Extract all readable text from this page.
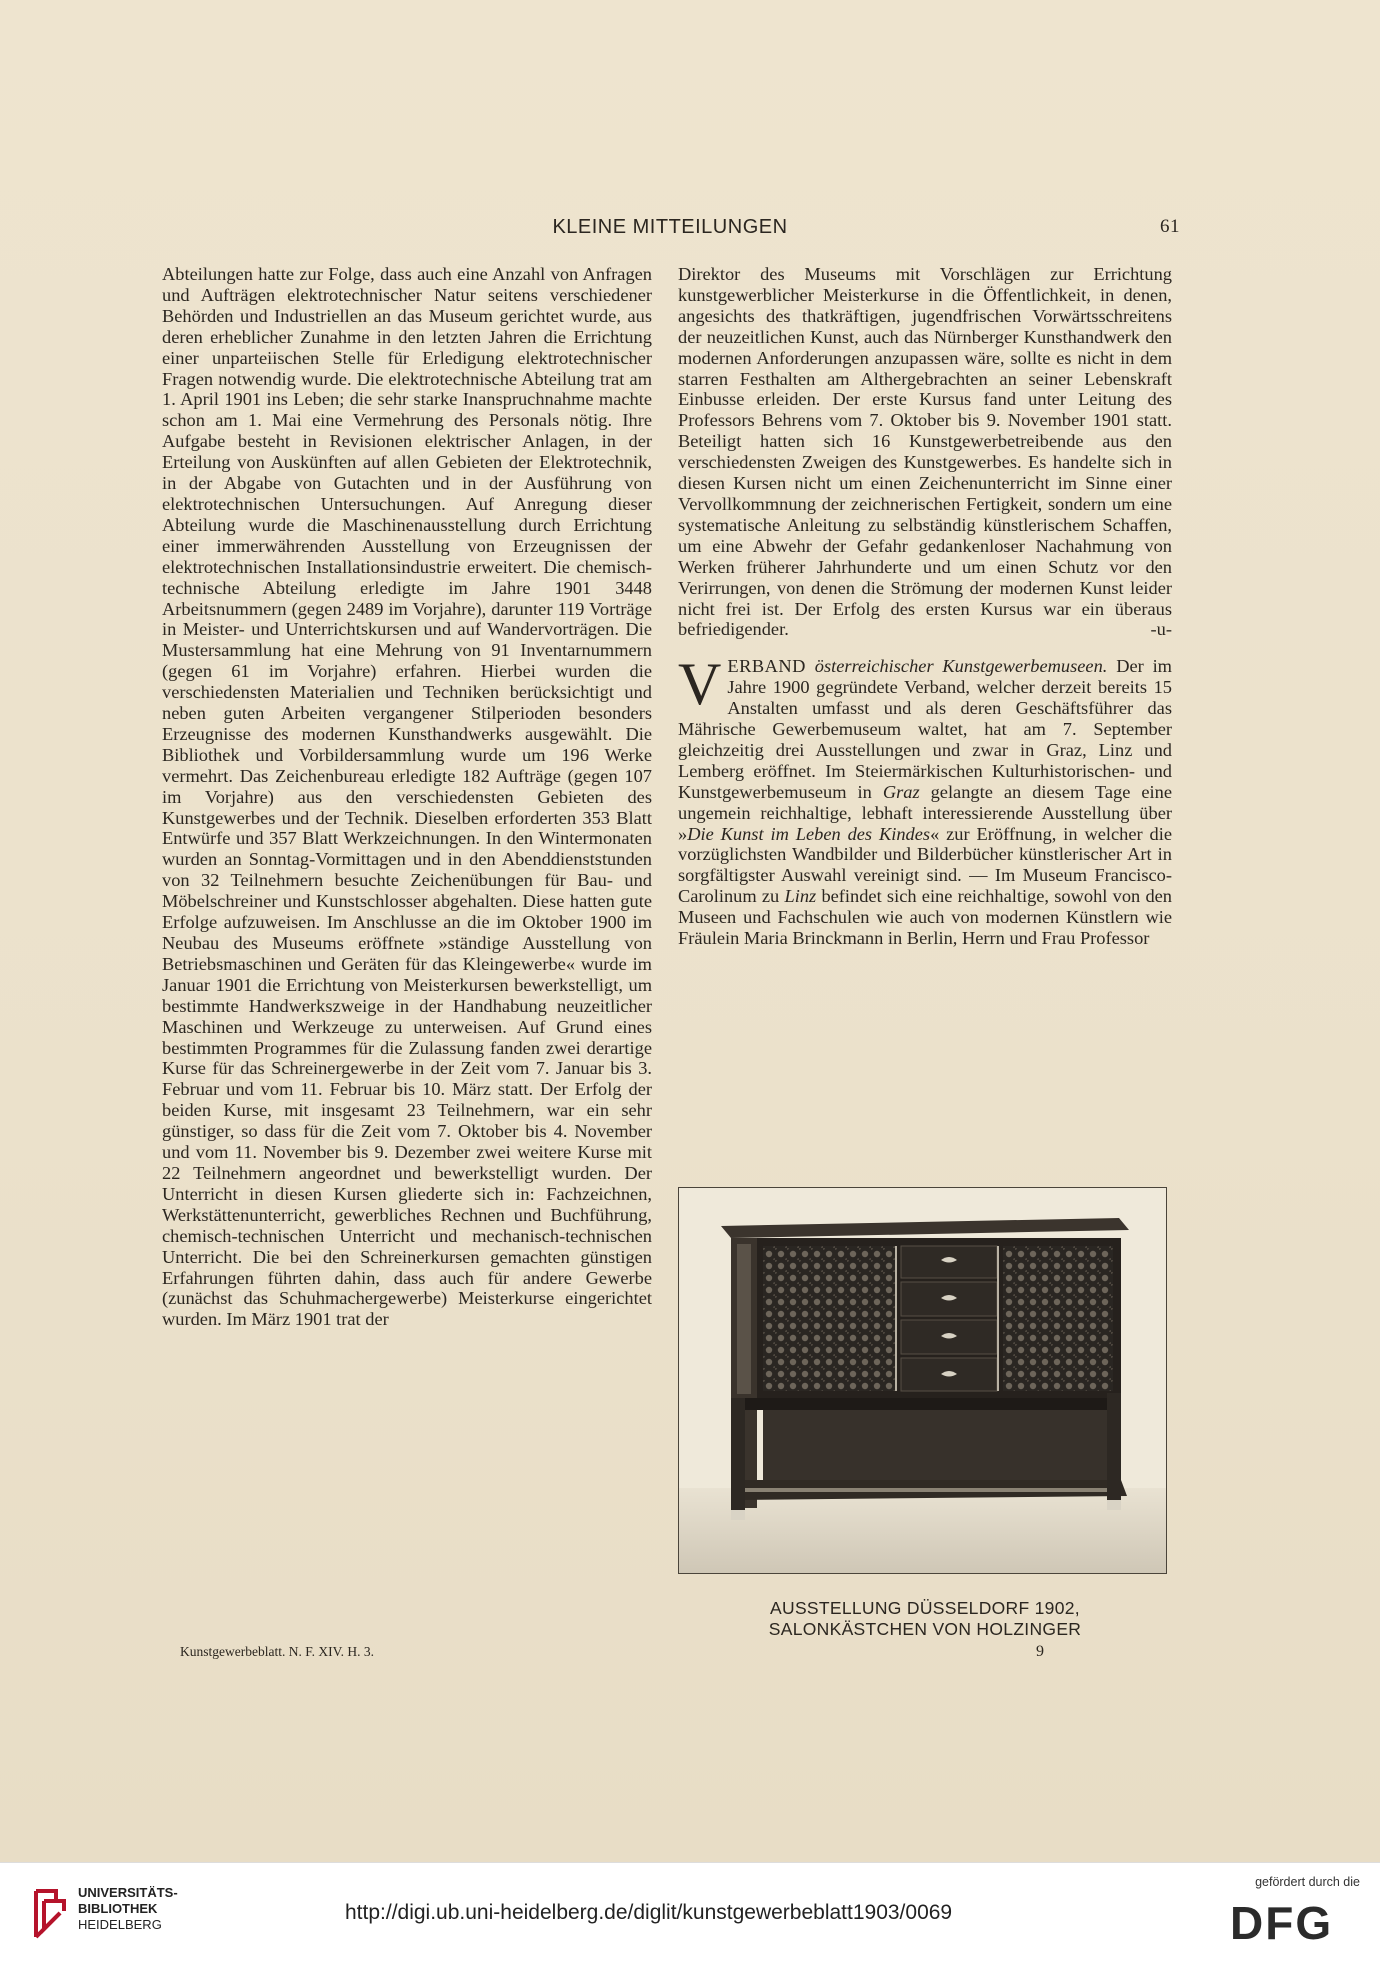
KLEINE MITTEILUNGEN	61

Abteilungen hatte zur Folge, dass auch eine Anzahl von Anfragen und Aufträgen elektrotechnischer Natur seitens verschiedener Behörden und Industriellen an das Museum gerichtet wurde, aus deren erheblicher Zunahme in den letzten Jahren die Errichtung einer unparteiischen Stelle für Erledigung elektrotechnischer Fragen notwendig wurde. Die elektrotechnische Abteilung trat am 1. April 1901 ins Leben; die sehr starke Inanspruchnahme machte schon am 1. Mai eine Vermehrung des Personals nötig. Ihre Aufgabe besteht in Revisionen elektrischer Anlagen, in der Erteilung von Auskünften auf allen Gebieten der Elektrotechnik, in der Abgabe von Gutachten und in der Ausführung von elektrotechnischen Untersuchungen. Auf Anregung dieser Abteilung wurde die Maschinenausstellung durch Errichtung einer immerwährenden Ausstellung von Erzeugnissen der elektrotechnischen Installationsindustrie erweitert. Die chemisch-technische Abteilung erledigte im Jahre 1901 3448 Arbeitsnummern (gegen 2489 im Vorjahre), darunter 119 Vorträge in Meister- und Unterrichtskursen und auf Wandervorträgen. Die Mustersammlung hat eine Mehrung von 91 Inventarnummern (gegen 61 im Vorjahre) erfahren. Hierbei wurden die verschiedensten Materialien und Techniken berücksichtigt und neben guten Arbeiten vergangener Stilperioden besonders Erzeugnisse des modernen Kunsthandwerks ausgewählt. Die Bibliothek und Vorbildersammlung wurde um 196 Werke vermehrt. Das Zeichenbureau erledigte 182 Aufträge (gegen 107 im Vorjahre) aus den verschiedensten Gebieten des Kunstgewerbes und der Technik. Dieselben erforderten 353 Blatt Entwürfe und 357 Blatt Werkzeichnungen. In den Wintermonaten wurden an Sonntag-Vormittagen und in den Abenddienststunden von 32 Teilnehmern besuchte Zeichenübungen für Bau- und Möbelschreiner und Kunstschlosser abgehalten. Diese hatten gute Erfolge aufzuweisen. Im Anschlusse an die im Oktober 1900 im Neubau des Museums eröffnete »ständige Ausstellung von Betriebsmaschinen und Geräten für das Kleingewerbe« wurde im Januar 1901 die Errichtung von Meisterkursen bewerkstelligt, um bestimmte Handwerkszweige in der Handhabung neuzeitlicher Maschinen und Werkzeuge zu unterweisen. Auf Grund eines bestimmten Programmes für die Zulassung fanden zwei derartige Kurse für das Schreinergewerbe in der Zeit vom 7. Januar bis 3. Februar und vom 11. Februar bis 10. März statt. Der Erfolg der beiden Kurse, mit insgesamt 23 Teilnehmern, war ein sehr günstiger, so dass für die Zeit vom 7. Oktober bis 4. November und vom 11. November bis 9. Dezember zwei weitere Kurse mit 22 Teilnehmern angeordnet und bewerkstelligt wurden. Der Unterricht in diesen Kursen gliederte sich in: Fachzeichnen, Werkstättenunterricht, gewerbliches Rechnen und Buchführung, chemisch-technischen Unterricht und mechanisch-technischen Unterricht. Die bei den Schreinerkursen gemachten günstigen Erfahrungen führten dahin, dass auch für andere Gewerbe (zunächst das Schuhmachergewerbe) Meisterkurse eingerichtet wurden. Im März 1901 trat der

Direktor des Museums mit Vorschlägen zur Errichtung kunstgewerblicher Meisterkurse in die Öffentlichkeit, in denen, angesichts des thatkräftigen, jugendfrischen Vorwärtsschreitens der neuzeitlichen Kunst, auch das Nürnberger Kunsthandwerk den modernen Anforderungen anzupassen wäre, sollte es nicht in dem starren Festhalten am Althergebrachten an seiner Lebenskraft Einbusse erleiden. Der erste Kursus fand unter Leitung des Professors Behrens vom 7. Oktober bis 9. November 1901 statt. Beteiligt hatten sich 16 Kunstgewerbetreibende aus den verschiedensten Zweigen des Kunstgewerbes. Es handelte sich in diesen Kursen nicht um einen Zeichenunterricht im Sinne einer Vervollkommnung der zeichnerischen Fertigkeit, sondern um eine systematische Anleitung zu selbständig künstlerischem Schaffen, um eine Abwehr der Gefahr gedankenloser Nachahmung von Werken früherer Jahrhunderte und um einen Schutz vor den Verirrungen, von denen die Strömung der modernen Kunst leider nicht frei ist. Der Erfolg des ersten Kursus war ein überaus befriedigender.	-u-

VERBAND österreichischer Kunstgewerbemuseen. Der im Jahre 1900 gegründete Verband, welcher derzeit bereits 15 Anstalten umfasst und als deren Geschäftsführer das Mährische Gewerbemuseum waltet, hat am 7. September gleichzeitig drei Ausstellungen und zwar in Graz, Linz und Lemberg eröffnet. Im Steiermärkischen Kulturhistorischen- und Kunstgewerbemuseum in Graz gelangte an diesem Tage eine ungemein reichhaltige, lebhaft interessierende Ausstellung über »Die Kunst im Leben des Kindes« zur Eröffnung, in welcher die vorzüglichsten Wandbilder und Bilderbücher künstlerischer Art in sorgfältigster Auswahl vereinigt sind. — Im Museum Francisco-Carolinum zu Linz befindet sich eine reichhaltige, sowohl von den Museen und Fachschulen wie auch von modernen Künstlern wie Fräulein Maria Brinckmann in Berlin, Herrn und Frau Professor

AUSSTELLUNG DÜSSELDORF 1902,
SALONKÄSTCHEN VON HOLZINGER
Kunstgewerbeblatt. N. F. XIV. H. 3.	9
UNIVERSITÄTS-
BIBLIOTHEK
HEIDELBERG
http://digi.ub.uni-heidelberg.de/diglit/kunstgewerbeblatt1903/0069
gefördert durch die
DFG
